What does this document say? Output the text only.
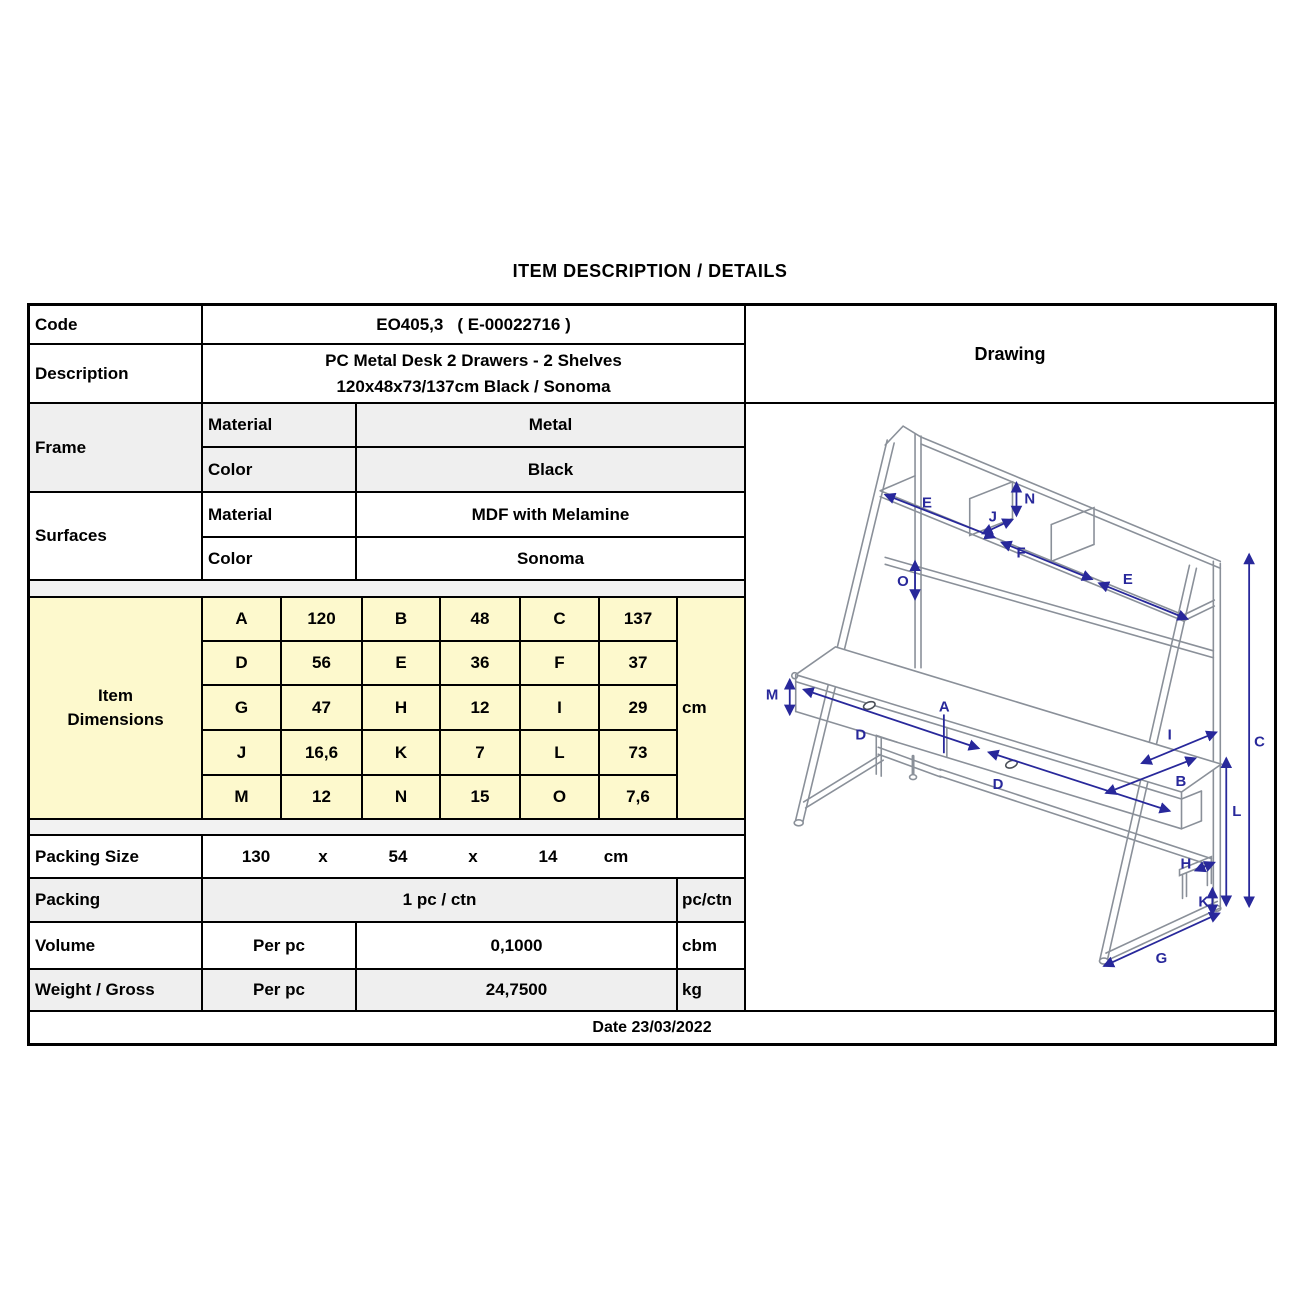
ITEM DESCRIPTION / DETAILS
Code	EO405,3 ( E-00022716 )
Description
PC Metal Desk 2 Drawers - 2 Shelves
120x48x73/137cm Black / Sonoma
Frame
Material	Metal
Color	Black
Surfaces
Material	MDF with Melamine
Color	Sonoma
Item
Dimensions
A	120	B	48	C	137
D	56	E	36	F	37
G	47	H	12	I	29
J	16,6	K	7	L	73
M	12	N	15	O	7,6
cm
Packing Size	130	x	54	x	14	cm
Packing	1 pc / ctn	pc/ctn
Volume	Per pc	0,1000	cbm
Weight / Gross	Per pc	24,7500	kg
Date 23/03/2022
Drawing
E
J
N
F
E
O
M
A
D
D
I	C
B
L
H
K
G
